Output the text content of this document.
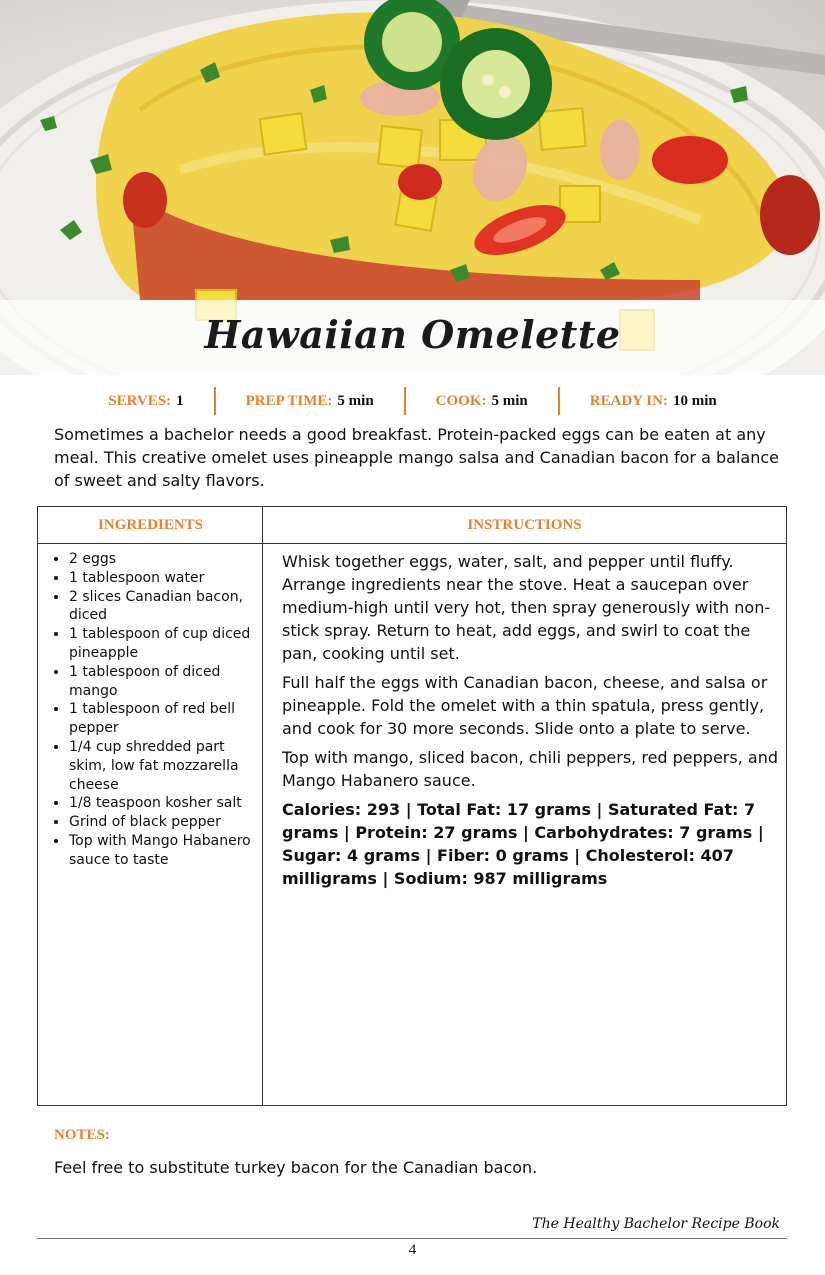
Hawaiian Omelette
SERVES: 1	PREP TIME: 5 min	COOK: 5 min	READY IN: 10 min

Sometimes a bachelor needs a good breakfast. Protein-packed eggs can be eaten at any meal. This creative omelet uses pineapple mango salsa and Canadian bacon for a balance of sweet and salty flavors.

INGREDIENTS	INSTRUCTIONS
• 2 eggs
• 1 tablespoon water
• 2 slices Canadian bacon, diced
• 1 tablespoon of cup diced pineapple
• 1 tablespoon of diced mango
• 1 tablespoon of red bell pepper
• 1/4 cup shredded part skim, low fat mozzarella cheese
• 1/8 teaspoon kosher salt
• Grind of black pepper
• Top with Mango Habanero sauce to taste

Whisk together eggs, water, salt, and pepper until fluffy. Arrange ingredients near the stove. Heat a saucepan over medium-high until very hot, then spray generously with non-stick spray. Return to heat, add eggs, and swirl to coat the pan, cooking until set.

Full half the eggs with Canadian bacon, cheese, and salsa or pineapple. Fold the omelet with a thin spatula, press gently, and cook for 30 more seconds. Slide onto a plate to serve.

Top with mango, sliced bacon, chili peppers, red peppers, and Mango Habanero sauce.

Calories: 293 | Total Fat: 17 grams | Saturated Fat: 7 grams | Protein: 27 grams | Carbohydrates: 7 grams | Sugar: 4 grams | Fiber: 0 grams | Cholesterol: 407 milligrams | Sodium: 987 milligrams

NOTES:
Feel free to substitute turkey bacon for the Canadian bacon.
The Healthy Bachelor Recipe Book
4
